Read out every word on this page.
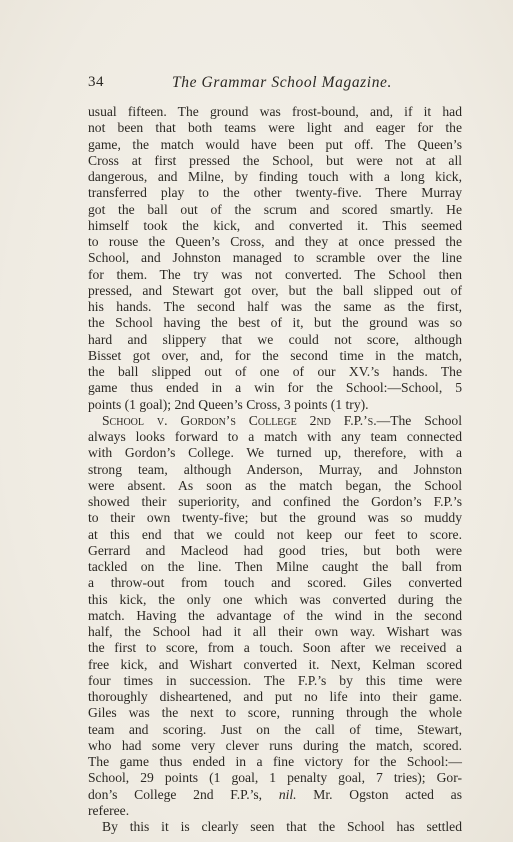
34	The Grammar School Magazine.
usual fifteen. The ground was frost-bound, and, if it had
not been that both teams were light and eager for the
game, the match would have been put off. The Queen’s
Cross at first pressed the School, but were not at all
dangerous, and Milne, by finding touch with a long kick,
transferred play to the other twenty-five. There Murray
got the ball out of the scrum and scored smartly. He
himself took the kick, and converted it. This seemed
to rouse the Queen’s Cross, and they at once pressed the
School, and Johnston managed to scramble over the line
for them. The try was not converted. The School then
pressed, and Stewart got over, but the ball slipped out of
his hands. The second half was the same as the first,
the School having the best of it, but the ground was so
hard and slippery that we could not score, although
Bisset got over, and, for the second time in the match,
the ball slipped out of one of our XV.’s hands. The
game thus ended in a win for the School:—School, 5
points (1 goal); 2nd Queen’s Cross, 3 points (1 try).
School v. Gordon’s College 2nd F.P.’s.—The School
always looks forward to a match with any team connected
with Gordon’s College. We turned up, therefore, with a
strong team, although Anderson, Murray, and Johnston
were absent. As soon as the match began, the School
showed their superiority, and confined the Gordon’s F.P.’s
to their own twenty-five; but the ground was so muddy
at this end that we could not keep our feet to score.
Gerrard and Macleod had good tries, but both were
tackled on the line. Then Milne caught the ball from
a throw-out from touch and scored. Giles converted
this kick, the only one which was converted during the
match. Having the advantage of the wind in the second
half, the School had it all their own way. Wishart was
the first to score, from a touch. Soon after we received a
free kick, and Wishart converted it. Next, Kelman scored
four times in succession. The F.P.’s by this time were
thoroughly disheartened, and put no life into their game.
Giles was the next to score, running through the whole
team and scoring. Just on the call of time, Stewart,
who had some very clever runs during the match, scored.
The game thus ended in a fine victory for the School:—
School, 29 points (1 goal, 1 penalty goal, 7 tries); Gor-
don’s College 2nd F.P.’s, nil. Mr. Ogston acted as
referee.
By this it is clearly seen that the School has settled
